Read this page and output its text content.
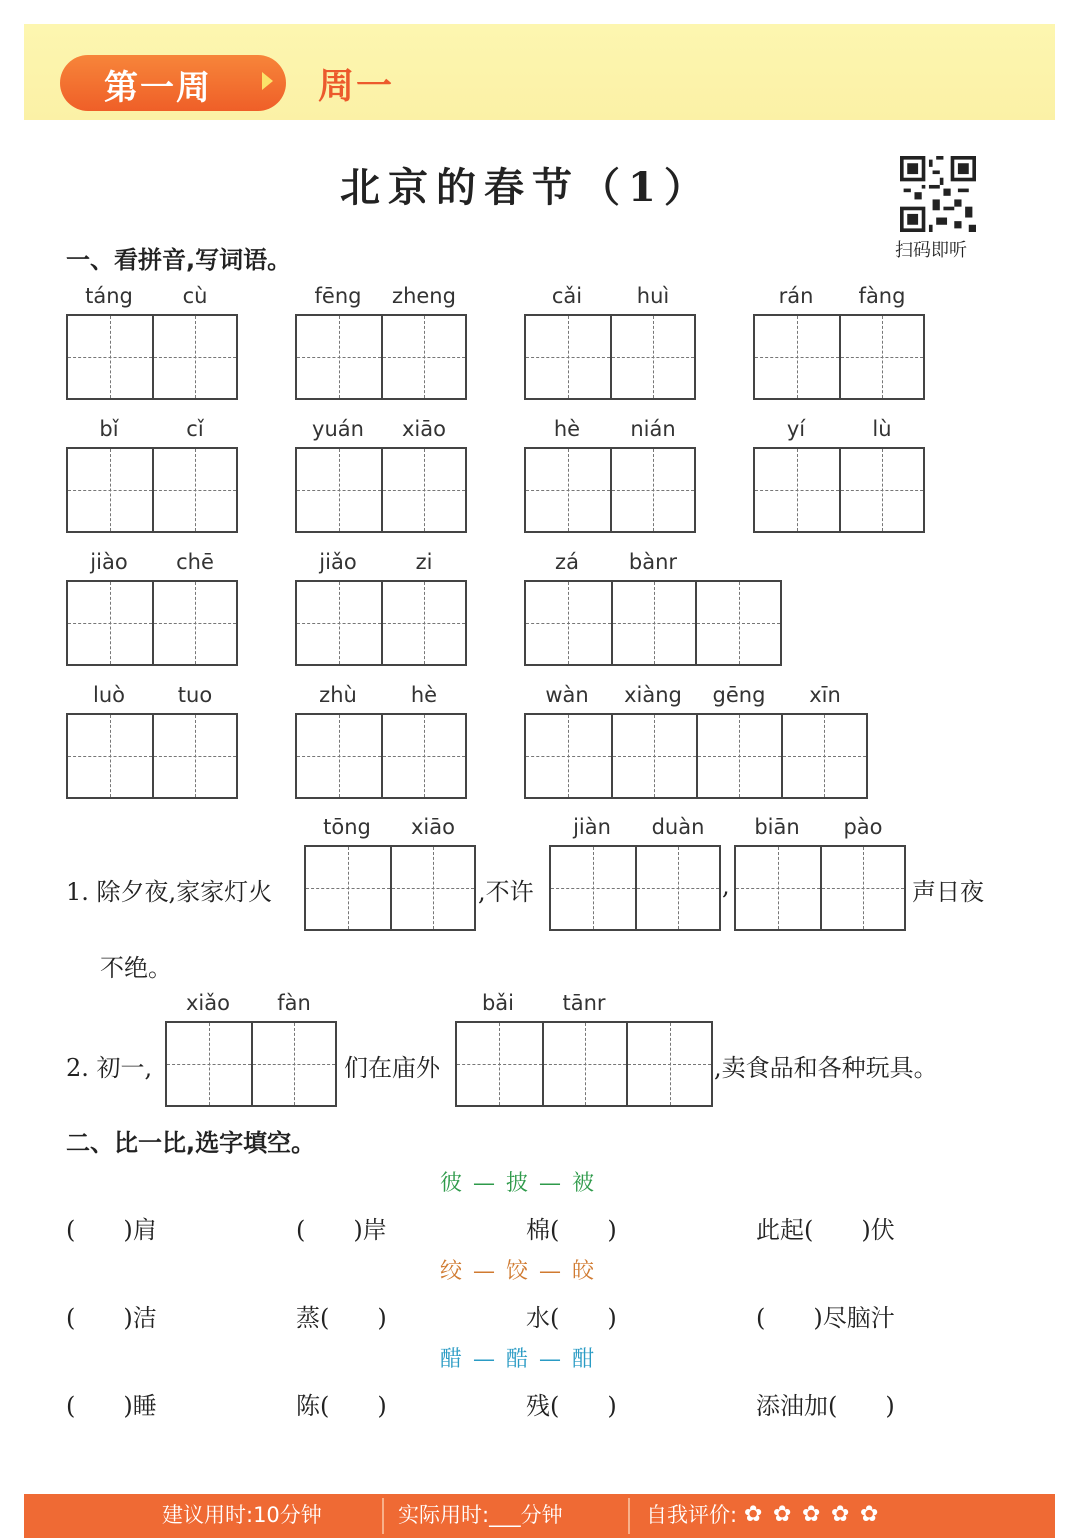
第一周	周一
北京的春节（1）
扫码即听
一、看拼音,写词语。
táng	cù	fēng	zheng	cǎi	huì	rán	fàng
bǐ	cǐ	yuán	xiāo	hè	nián	yí	lù
jiào	chē	jiǎo	zi	zá	bànr
luò	tuo	zhù	hè	wàn	xiàng	gēng	xīn
1. 除夕夜,家家灯火
tōng	xiāo
,不许
jiàn	duàn
,
biān	pào
声日夜
不绝。
2. 初一,
xiǎo	fàn
们在庙外
bǎi	tānr
,卖食品和各种玩具。
二、比一比,选字填空。
彼 — 披 — 被
(　　)肩	(　　)岸	棉(　　)	此起(　　)伏
绞 — 饺 — 皎
(　　)洁	蒸(　　)	水(　　)	(　　)尽脑汁
醋 — 酷 — 酣
(　　)睡	陈(　　)	残(　　)	添油加(　　)
建议用时:10分钟	实际用时:___分钟	自我评价: ✿ ✿ ✿ ✿ ✿
